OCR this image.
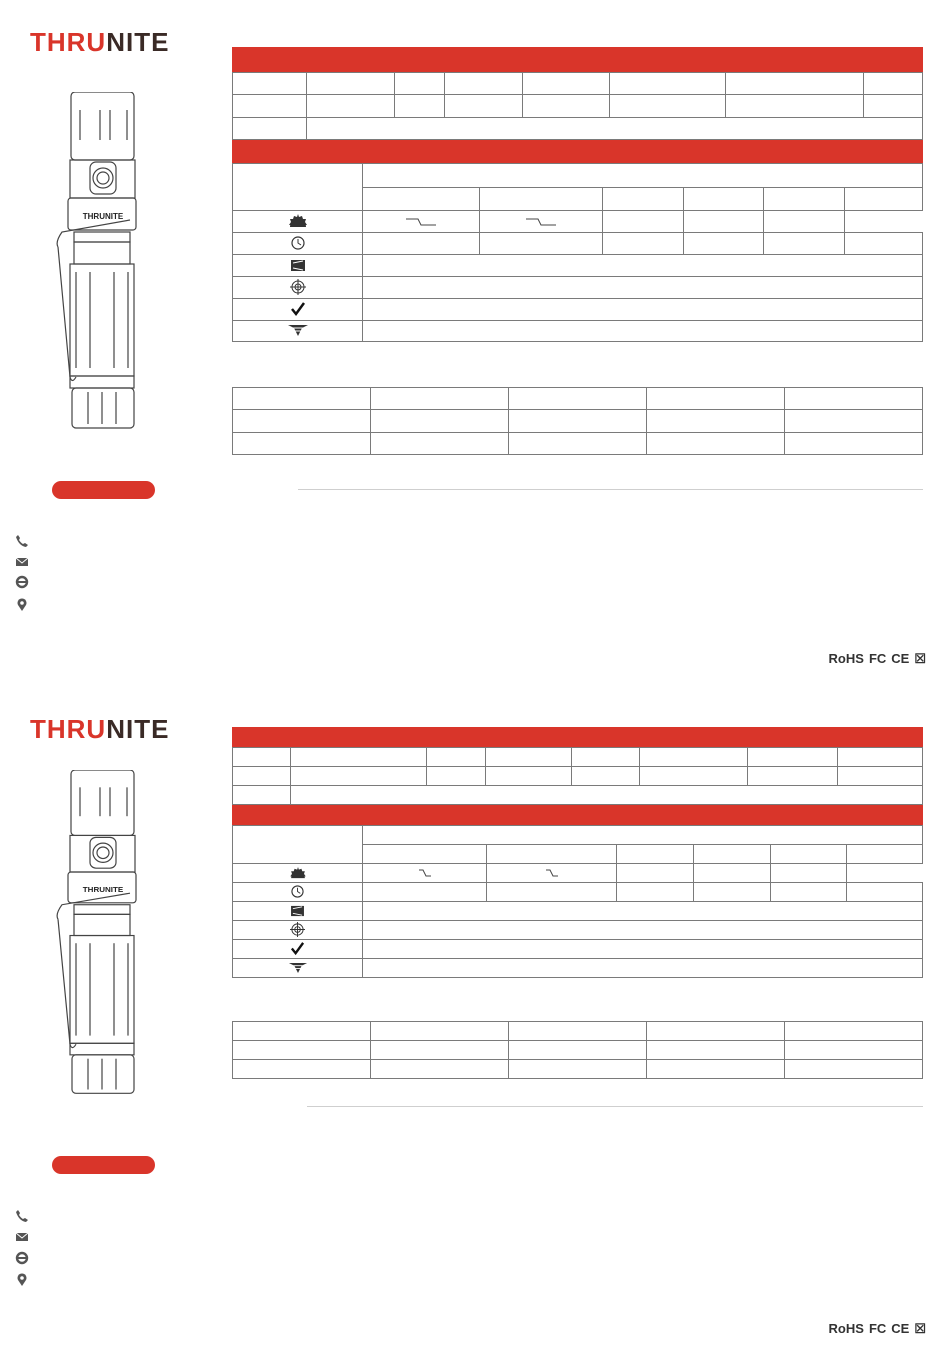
THRUNITE
THRUNITE
RoHS FC CE ☒

THRUNITE
THRUNITE
RoHS FC CE ☒
